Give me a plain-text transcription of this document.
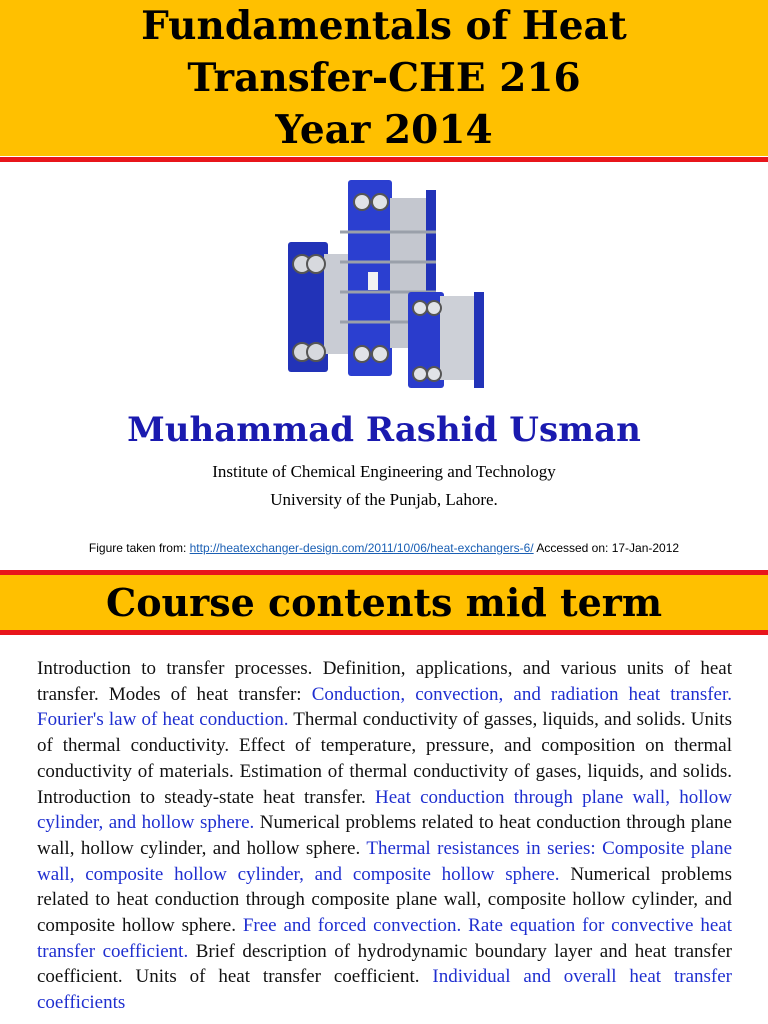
Fundamentals of Heat
Transfer-CHE 216
Year 2014
Muhammad Rashid Usman
Institute of Chemical Engineering and Technology
University of the Punjab, Lahore.
Figure taken from: http://heatexchanger-design.com/2011/10/06/heat-exchangers-6/ Accessed on: 17-Jan-2012
Course contents mid term
Introduction to transfer processes. Definition, applications, and various units of heat transfer. Modes of heat transfer: Conduction, convection, and radiation heat transfer. Fourier's law of heat conduction. Thermal conductivity of gasses, liquids, and solids. Units of thermal conductivity. Effect of temperature, pressure, and composition on thermal conductivity of materials. Estimation of thermal conductivity of gases, liquids, and solids. Introduction to steady-state heat transfer. Heat conduction through plane wall, hollow cylinder, and hollow sphere. Numerical problems related to heat conduction through plane wall, hollow cylinder, and hollow sphere. Thermal resistances in series: Composite plane wall, composite hollow cylinder, and composite hollow sphere. Numerical problems related to heat conduction through composite plane wall, composite hollow cylinder, and composite hollow sphere. Free and forced convection. Rate equation for convective heat transfer coefficient. Brief description of hydrodynamic boundary layer and heat transfer coefficient. Units of heat transfer coefficient. Individual and overall heat transfer coefficients
